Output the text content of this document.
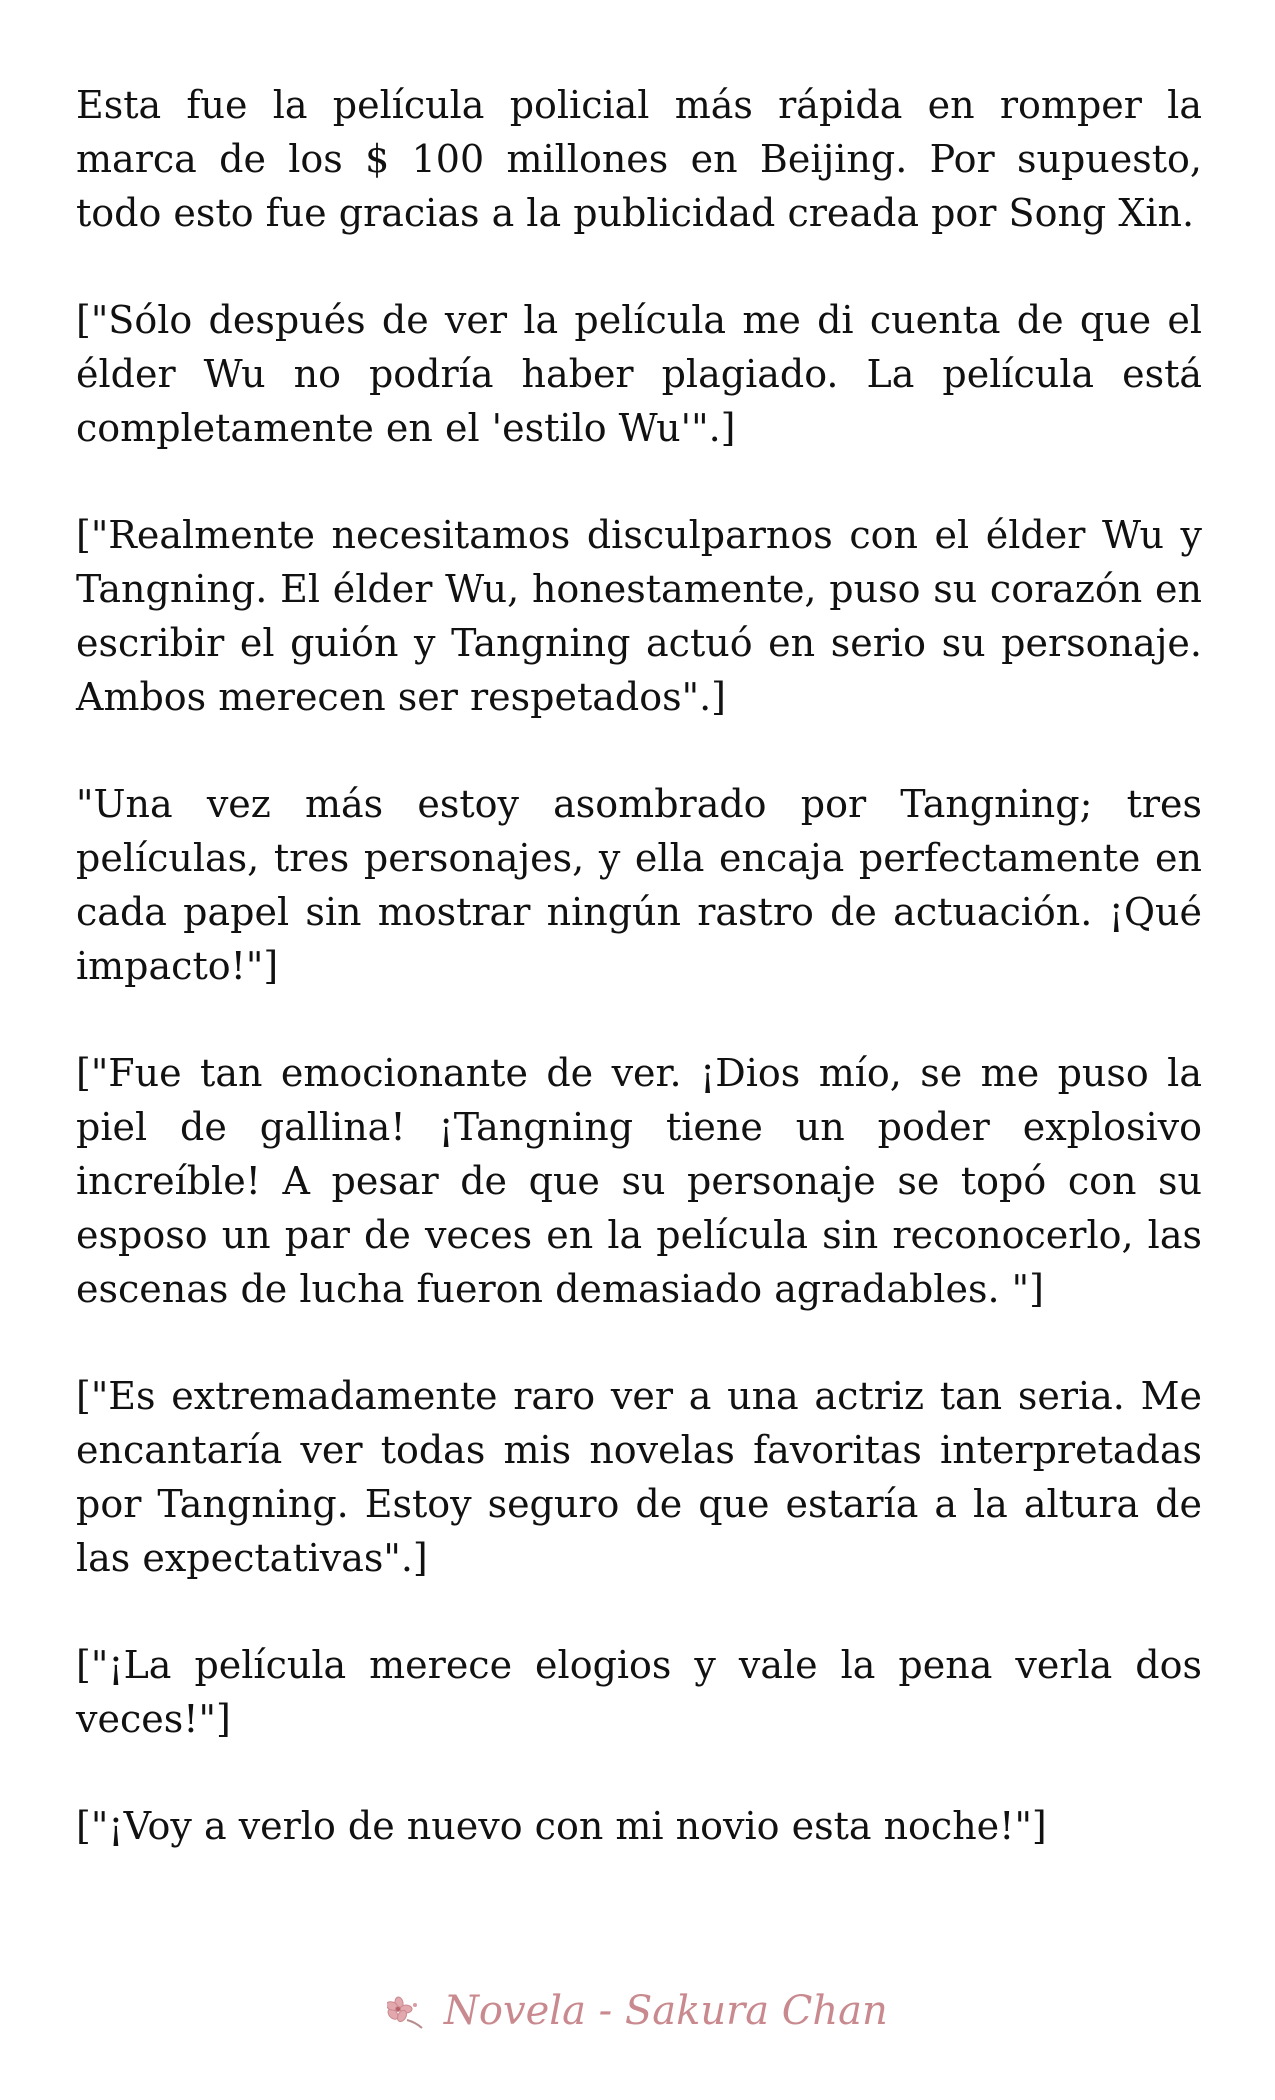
Esta fue la película policial más rápida en romper la marca de los $ 100 millones en Beijing. Por supuesto, todo esto fue gracias a la publicidad creada por Song Xin.

["Sólo después de ver la película me di cuenta de que el élder Wu no podría haber plagiado. La película está completamente en el 'estilo Wu'".]

["Realmente necesitamos disculparnos con el élder Wu y Tangning. El élder Wu, honestamente, puso su corazón en escribir el guión y Tangning actuó en serio su personaje. Ambos merecen ser respetados".]

"Una vez más estoy asombrado por Tangning; tres películas, tres personajes, y ella encaja perfectamente en cada papel sin mostrar ningún rastro de actuación. ¡Qué impacto!"]

["Fue tan emocionante de ver. ¡Dios mío, se me puso la piel de gallina! ¡Tangning tiene un poder explosivo increíble! A pesar de que su personaje se topó con su esposo un par de veces en la película sin reconocerlo, las escenas de lucha fueron demasiado agradables. "]

["Es extremadamente raro ver a una actriz tan seria. Me encantaría ver todas mis novelas favoritas interpretadas por Tangning. Estoy seguro de que estaría a la altura de las expectativas".]

["¡La película merece elogios y vale la pena verla dos veces!"]

["¡Voy a verlo de nuevo con mi novio esta noche!"]

Novela - Sakura Chan
